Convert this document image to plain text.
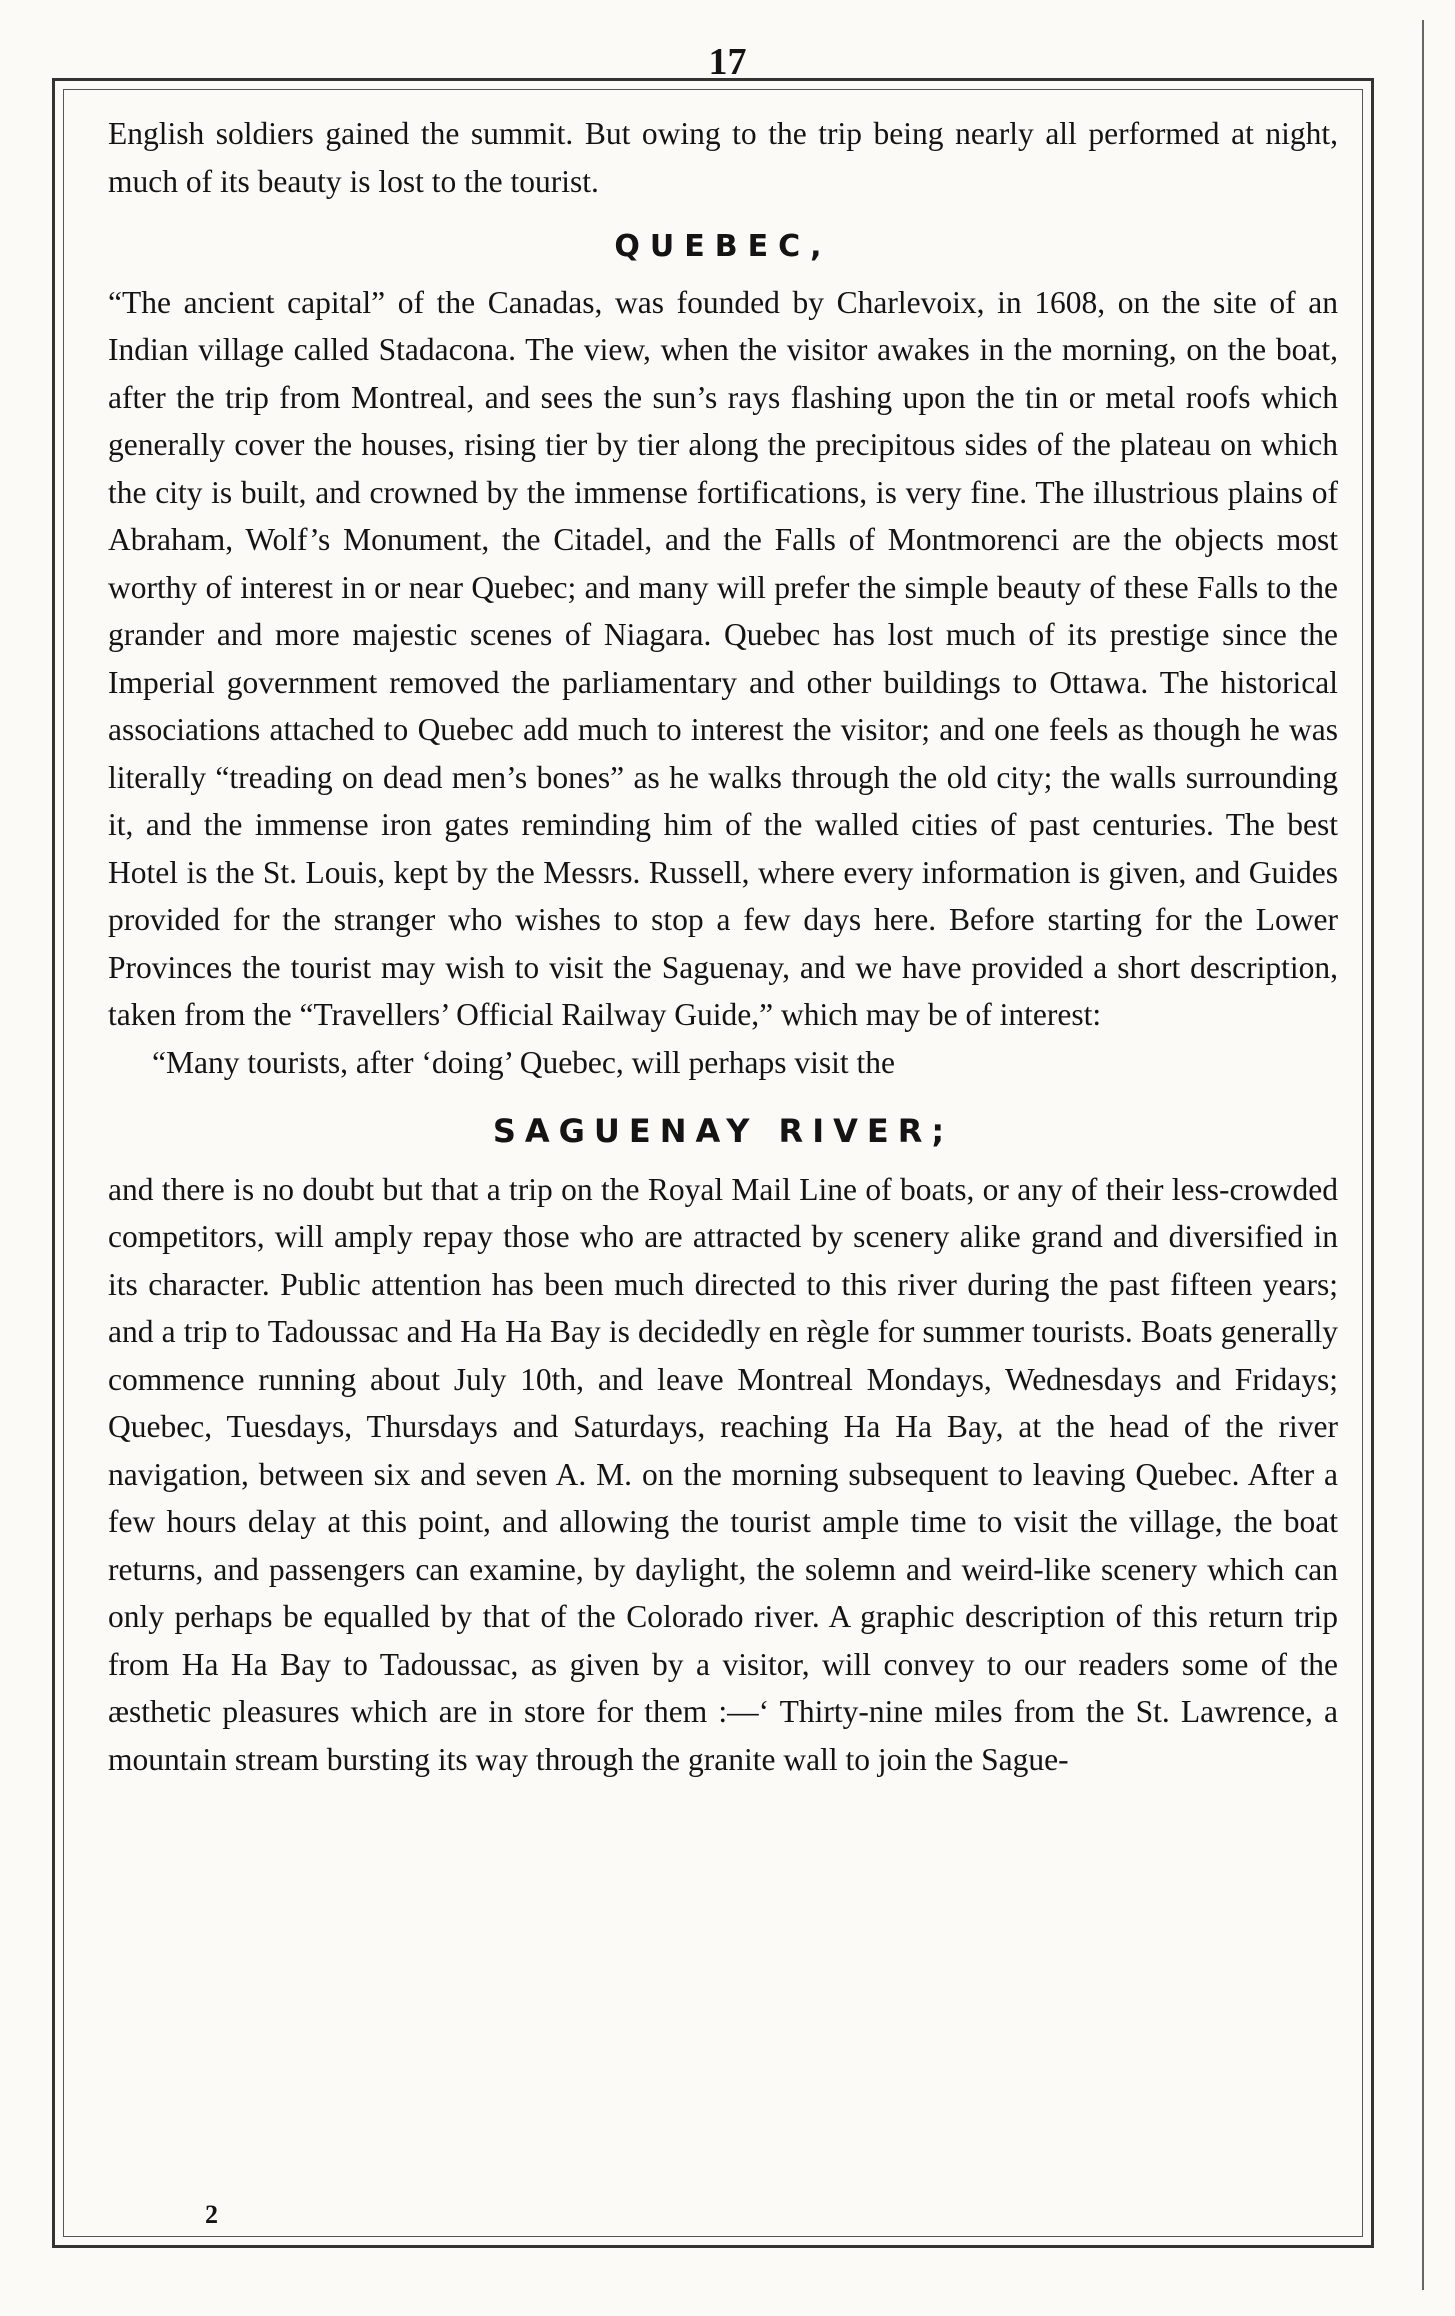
17

English soldiers gained the summit. But owing to the trip being nearly all performed at night, much of its beauty is lost to the tourist.

QUEBEC,

“The ancient capital” of the Canadas, was founded by Charlevoix, in 1608, on the site of an Indian village called Stadacona. The view, when the visitor awakes in the morning, on the boat, after the trip from Montreal, and sees the sun’s rays flashing upon the tin or metal roofs which generally cover the houses, rising tier by tier along the precipitous sides of the plateau on which the city is built, and crowned by the immense fortifications, is very fine. The illustrious plains of Abraham, Wolf’s Monument, the Citadel, and the Falls of Montmorenci are the objects most worthy of interest in or near Quebec; and many will prefer the simple beauty of these Falls to the grander and more majestic scenes of Niagara. Quebec has lost much of its prestige since the Imperial government removed the parliamentary and other buildings to Ottawa. The historical associations attached to Quebec add much to interest the visitor; and one feels as though he was literally “treading on dead men’s bones” as he walks through the old city; the walls surrounding it, and the immense iron gates reminding him of the walled cities of past centuries. The best Hotel is the St. Louis, kept by the Messrs. Russell, where every information is given, and Guides provided for the stranger who wishes to stop a few days here. Before starting for the Lower Provinces the tourist may wish to visit the Saguenay, and we have provided a short description, taken from the “Travellers’ Official Railway Guide,” which may be of interest:

“Many tourists, after ‘doing’ Quebec, will perhaps visit the

SAGUENAY RIVER;

and there is no doubt but that a trip on the Royal Mail Line of boats, or any of their less-crowded competitors, will amply repay those who are attracted by scenery alike grand and diversified in its character. Public attention has been much directed to this river during the past fifteen years; and a trip to Tadoussac and Ha Ha Bay is decidedly en règle for summer tourists. Boats generally commence running about July 10th, and leave Montreal Mondays, Wednesdays and Fridays; Quebec, Tuesdays, Thursdays and Saturdays, reaching Ha Ha Bay, at the head of the river navigation, between six and seven A. M. on the morning subsequent to leaving Quebec. After a few hours delay at this point, and allowing the tourist ample time to visit the village, the boat returns, and passengers can examine, by daylight, the solemn and weird-like scenery which can only perhaps be equalled by that of the Colorado river. A graphic description of this return trip from Ha Ha Bay to Tadoussac, as given by a visitor, will convey to our readers some of the æsthetic pleasures which are in store for them :—‘ Thirty-nine miles from the St. Lawrence, a mountain stream bursting its way through the granite wall to join the Sague-

2
